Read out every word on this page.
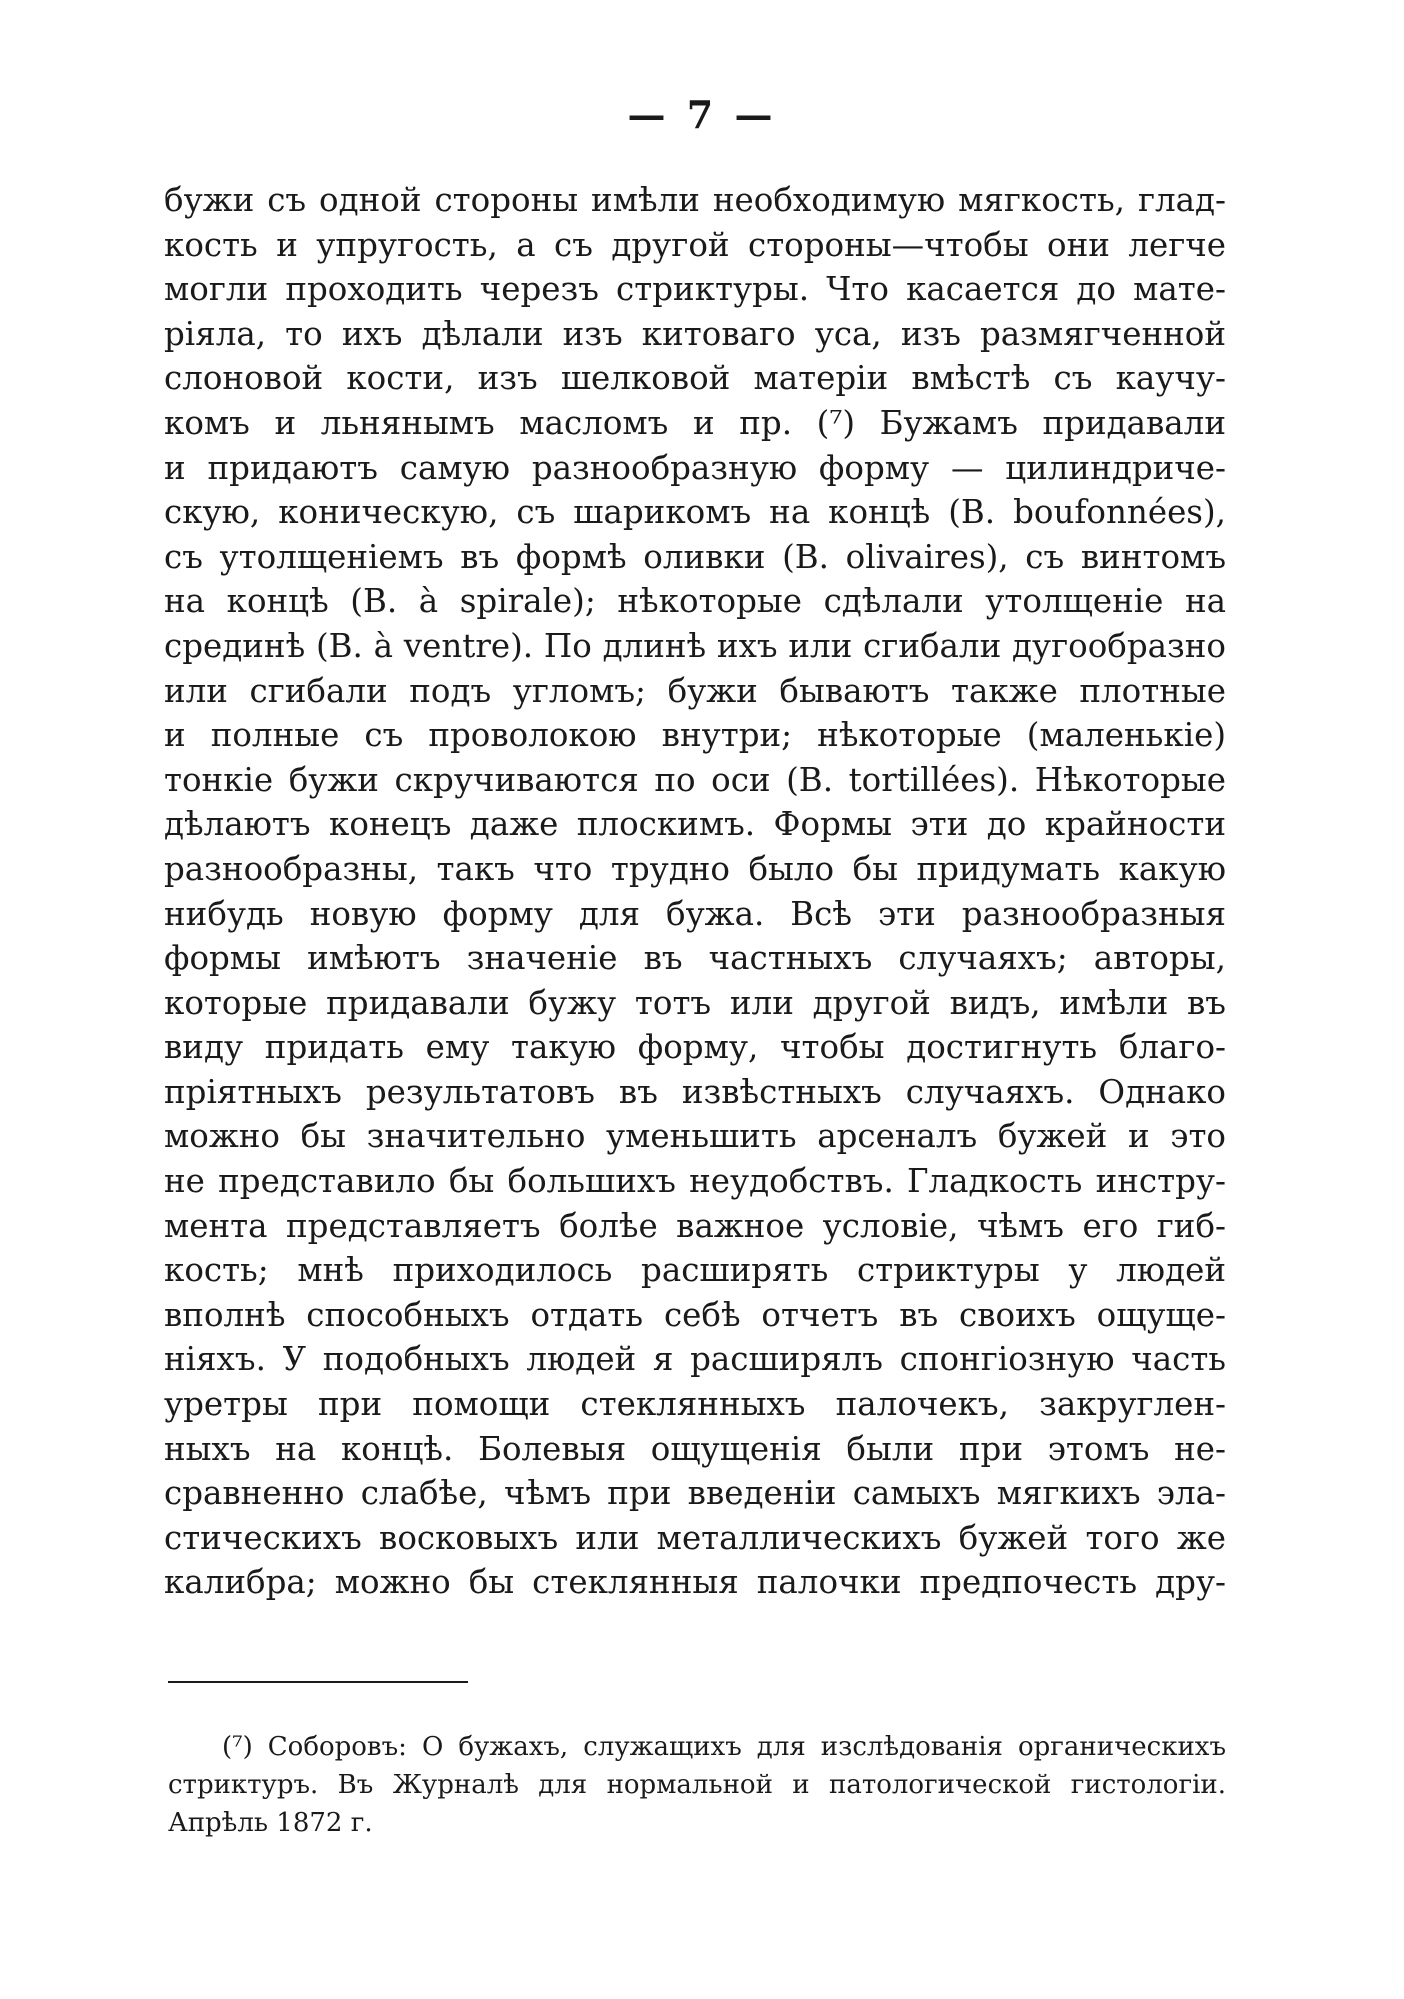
— 7 —
бужи съ одной стороны имѣли необходимую мягкость, глад-
кость и упругость, а съ другой стороны—чтобы они легче
могли проходить черезъ стриктуры. Что касается до мате-
ріяла, то ихъ дѣлали изъ китоваго уса, изъ размягченной
слоновой кости, изъ шелковой матеріи вмѣстѣ съ каучу-
комъ и льнянымъ масломъ и пр. (⁷) Бужамъ придавали
и придаютъ самую разнообразную форму — цилиндриче-
скую, коническую, съ шарикомъ на концѣ (B. boufonnées),
съ утолщеніемъ въ формѣ оливки (B. olivaires), съ винтомъ
на концѣ (B. à spirale); нѣкоторые сдѣлали утолщеніе на
срединѣ (B. à ventre). По длинѣ ихъ или сгибали дугообразно
или сгибали подъ угломъ; бужи бываютъ также плотные
и полные съ проволокою внутри; нѣкоторые (маленькіе)
тонкіе бужи скручиваются по оси (B. tortillées). Нѣкоторые
дѣлаютъ конецъ даже плоскимъ. Формы эти до крайности
разнообразны, такъ что трудно было бы придумать какую
нибудь новую форму для бужа. Всѣ эти разнообразныя
формы имѣютъ значеніе въ частныхъ случаяхъ; авторы,
которые придавали бужу тотъ или другой видъ, имѣли въ
виду придать ему такую форму, чтобы достигнуть благо-
пріятныхъ результатовъ въ извѣстныхъ случаяхъ. Однако
можно бы значительно уменьшить арсеналъ бужей и это
не представило бы большихъ неудобствъ. Гладкость инстру-
мента представляетъ болѣе важное условіе, чѣмъ его гиб-
кость; мнѣ приходилось расширять стриктуры у людей
вполнѣ способныхъ отдать себѣ отчетъ въ своихъ ощуще-
ніяхъ. У подобныхъ людей я расширялъ спонгіозную часть
уретры при помощи стеклянныхъ палочекъ, закруглен-
ныхъ на концѣ. Болевыя ощущенія были при этомъ не-
сравненно слабѣе, чѣмъ при введеніи самыхъ мягкихъ эла-
стическихъ восковыхъ или металлическихъ бужей того же
калибра; можно бы стеклянныя палочки предпочесть дру-
(⁷) Соборовъ: О бужахъ, служащихъ для изслѣдованія органическихъ
стриктуръ. Въ Журналѣ для нормальной и патологической гистологіи.
Апрѣль 1872 г.
